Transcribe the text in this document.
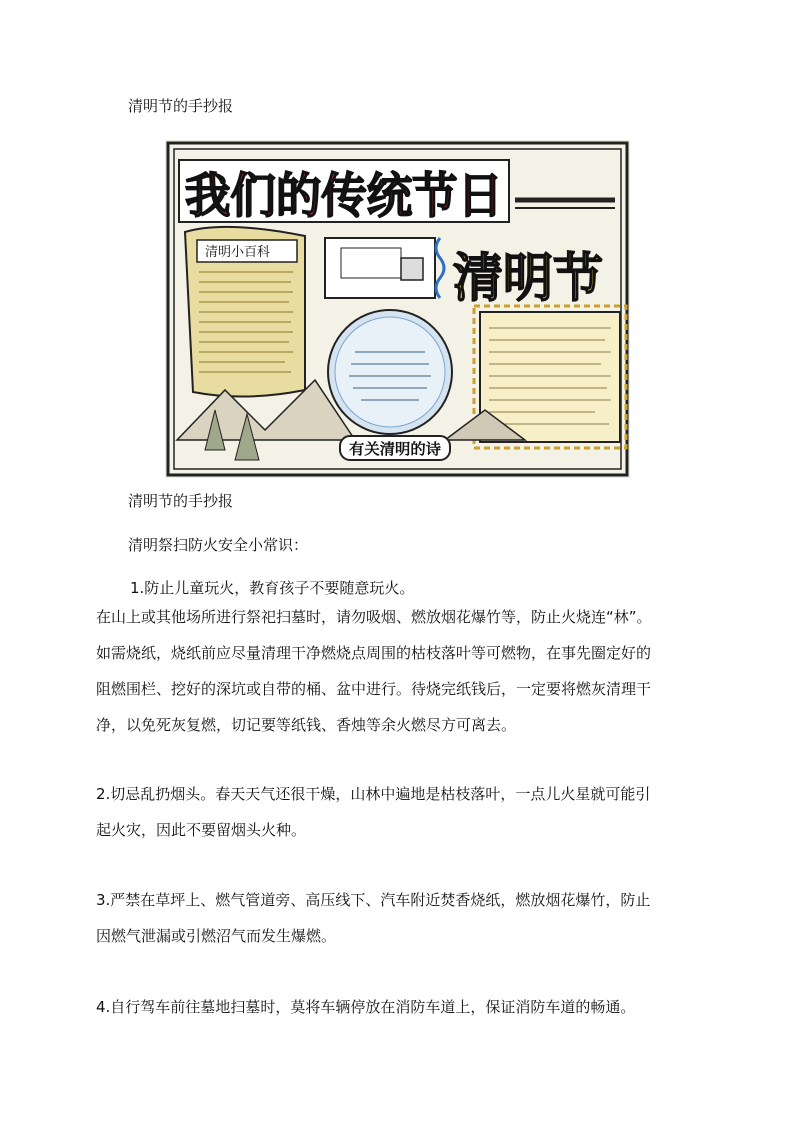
清明节的手抄报
我们的传统节日
清明小百科	清明节
有关清明的诗
清明节的手抄报
清明祭扫防火安全小常识：
1.防止儿童玩火，教育孩子不要随意玩火。
在山上或其他场所进行祭祀扫墓时，请勿吸烟、燃放烟花爆竹等，防止火烧连“林”。
如需烧纸，烧纸前应尽量清理干净燃烧点周围的枯枝落叶等可燃物，在事先圈定好的
阻燃围栏、挖好的深坑或自带的桶、盆中进行。待烧完纸钱后，一定要将燃灰清理干
净，以免死灰复燃，切记要等纸钱、香烛等余火燃尽方可离去。
2.切忌乱扔烟头。春天天气还很干燥，山林中遍地是枯枝落叶，一点儿火星就可能引
起火灾，因此不要留烟头火种。
3.严禁在草坪上、燃气管道旁、高压线下、汽车附近焚香烧纸，燃放烟花爆竹，防止
因燃气泄漏或引燃沼气而发生爆燃。
4.自行驾车前往墓地扫墓时，莫将车辆停放在消防车道上，保证消防车道的畅通。
